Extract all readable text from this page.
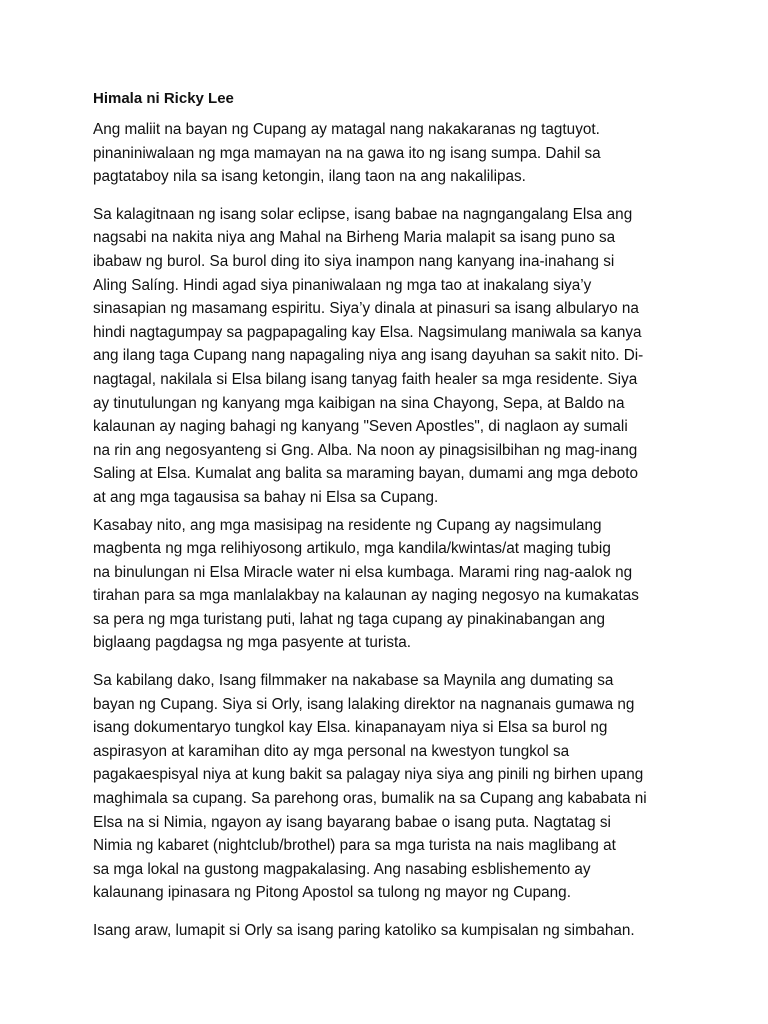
Himala ni Ricky Lee

Ang maliit na bayan ng Cupang ay matagal nang nakakaranas ng tagtuyot.
pinaniniwalaan ng mga mamayan na na gawa ito ng isang sumpa. Dahil sa
pagtataboy nila sa isang ketongin, ilang taon na ang nakalilipas.

Sa kalagitnaan ng isang solar eclipse, isang babae na nagngangalang Elsa ang
nagsabi na nakita niya ang Mahal na Birheng Maria malapit sa isang puno sa
ibabaw ng burol. Sa burol ding ito siya inampon nang kanyang ina-inahang si
Aling Salíng. Hindi agad siya pinaniwalaan ng mga tao at inakalang siya’y
sinasapian ng masamang espiritu. Siya’y dinala at pinasuri sa isang albularyo na
hindi nagtagumpay sa pagpapagaling kay Elsa. Nagsimulang maniwala sa kanya
ang ilang taga Cupang nang napagaling niya ang isang dayuhan sa sakit nito. Di-
nagtagal, nakilala si Elsa bilang isang tanyag faith healer sa mga residente. Siya
ay tinutulungan ng kanyang mga kaibigan na sina Chayong, Sepa, at Baldo na
kalaunan ay naging bahagi ng kanyang "Seven Apostles", di naglaon ay sumali
na rin ang negosyanteng si Gng. Alba. Na noon ay pinagsisilbihan ng mag-inang
Saling at Elsa. Kumalat ang balita sa maraming bayan, dumami ang mga deboto
at ang mga tagausisa sa bahay ni Elsa sa Cupang.

Kasabay nito, ang mga masisipag na residente ng Cupang ay nagsimulang
magbenta ng mga relihiyosong artikulo, mga kandila/kwintas/at maging tubig
na binulungan ni Elsa Miracle water ni elsa kumbaga. Marami ring nag-aalok ng
tirahan para sa mga manlalakbay na kalaunan ay naging negosyo na kumakatas
sa pera ng mga turistang puti, lahat ng taga cupang ay pinakinabangan ang
biglaang pagdagsa ng mga pasyente at turista.

Sa kabilang dako, Isang filmmaker na nakabase sa Maynila ang dumating sa
bayan ng Cupang. Siya si Orly, isang lalaking direktor na nagnanais gumawa ng
isang dokumentaryo tungkol kay Elsa. kinapanayam niya si Elsa sa burol ng
aspirasyon at karamihan dito ay mga personal na kwestyon tungkol sa
pagakaespisyal niya at kung bakit sa palagay niya siya ang pinili ng birhen upang
maghimala sa cupang. Sa parehong oras, bumalik na sa Cupang ang kababata ni
Elsa na si Nimia, ngayon ay isang bayarang babae o isang puta. Nagtatag si
Nimia ng kabaret (nightclub/brothel) para sa mga turista na nais maglibang at
sa mga lokal na gustong magpakalasing. Ang nasabing esblishemento ay
kalaunang ipinasara ng Pitong Apostol sa tulong ng mayor ng Cupang.

Isang araw, lumapit si Orly sa isang paring katoliko sa kumpisalan ng simbahan.
